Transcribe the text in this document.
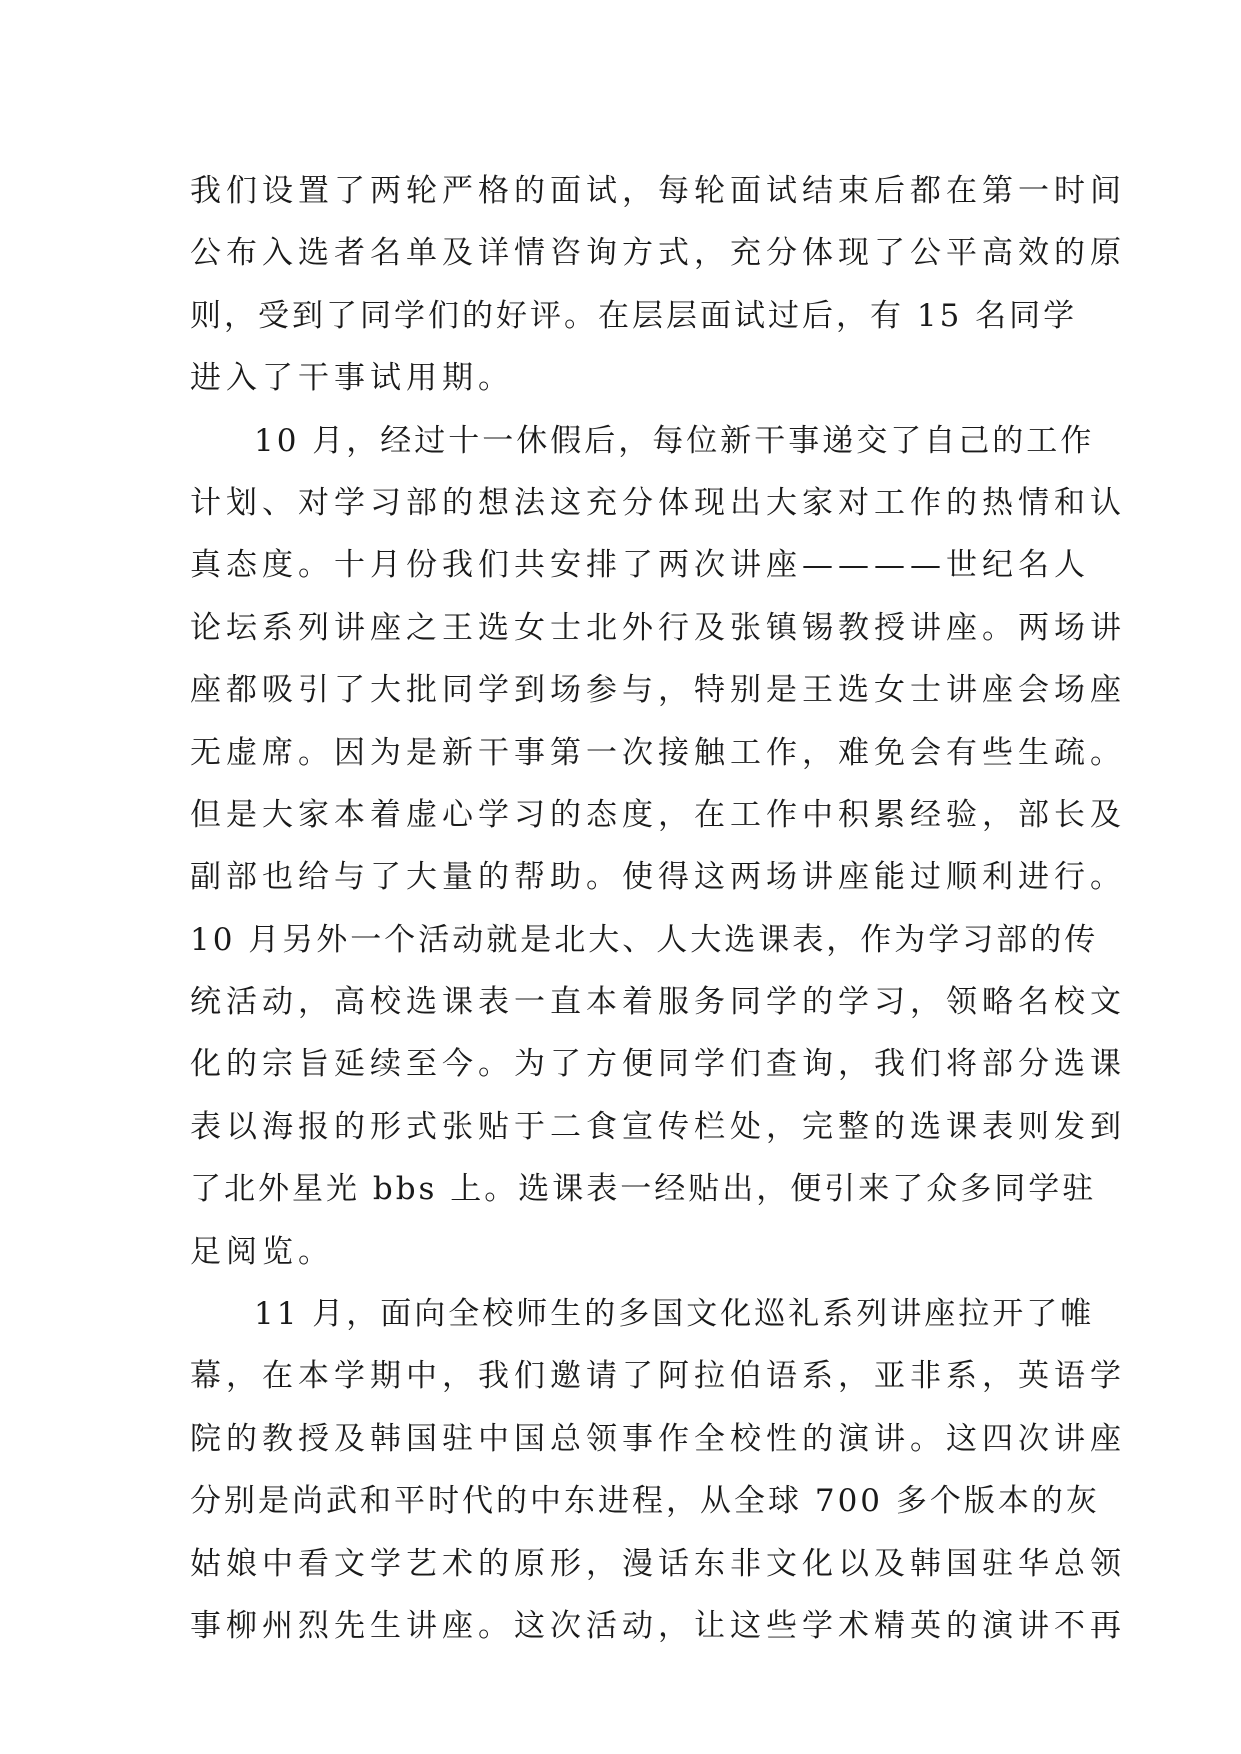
我们设置了两轮严格的面试，每轮面试结束后都在第一时间
公布入选者名单及详情咨询方式，充分体现了公平高效的原
则，受到了同学们的好评。在层层面试过后，有 15 名同学
进入了干事试用期。
10 月，经过十一休假后，每位新干事递交了自己的工作
计划、对学习部的想法这充分体现出大家对工作的热情和认
真态度。十月份我们共安排了两次讲座————世纪名人
论坛系列讲座之王选女士北外行及张镇锡教授讲座。两场讲
座都吸引了大批同学到场参与，特别是王选女士讲座会场座
无虚席。因为是新干事第一次接触工作，难免会有些生疏。
但是大家本着虚心学习的态度，在工作中积累经验，部长及
副部也给与了大量的帮助。使得这两场讲座能过顺利进行。
10 月另外一个活动就是北大、人大选课表，作为学习部的传
统活动，高校选课表一直本着服务同学的学习，领略名校文
化的宗旨延续至今。为了方便同学们查询，我们将部分选课
表以海报的形式张贴于二食宣传栏处，完整的选课表则发到
了北外星光 bbs 上。选课表一经贴出，便引来了众多同学驻
足阅览。
11 月，面向全校师生的多国文化巡礼系列讲座拉开了帷
幕，在本学期中，我们邀请了阿拉伯语系，亚非系，英语学
院的教授及韩国驻中国总领事作全校性的演讲。这四次讲座
分别是尚武和平时代的中东进程，从全球 700 多个版本的灰
姑娘中看文学艺术的原形，漫话东非文化以及韩国驻华总领
事柳州烈先生讲座。这次活动，让这些学术精英的演讲不再
